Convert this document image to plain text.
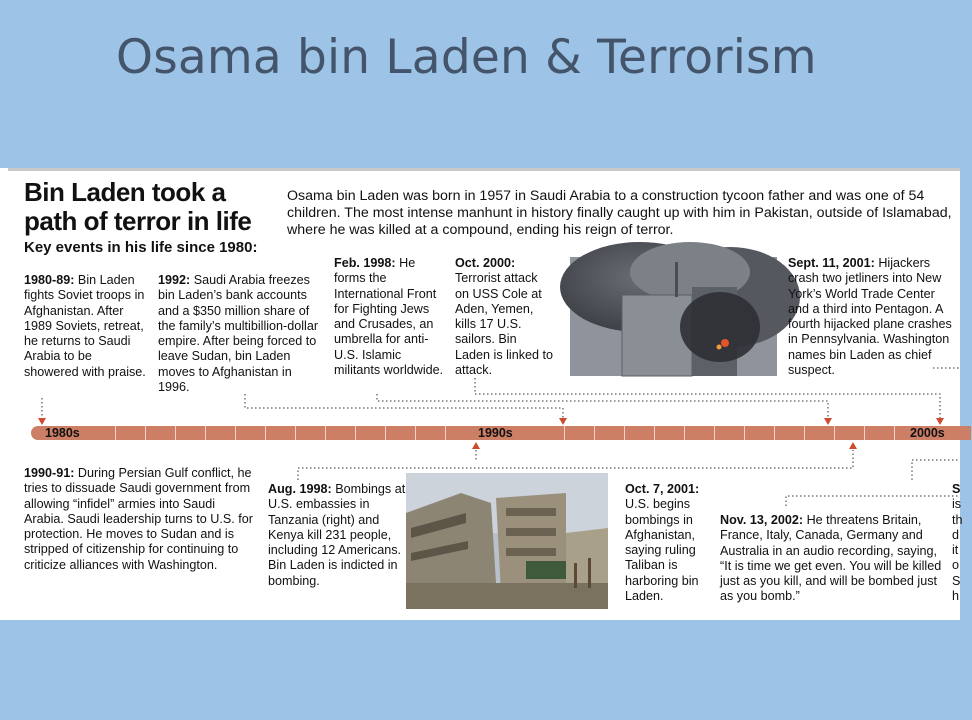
Osama bin Laden & Terrorism
Bin Laden took a path of terror in life
Key events in his life since 1980:
Osama bin Laden was born in 1957 in Saudi Arabia to a construction tycoon father and was one of 54 children. The most intense manhunt in history finally caught up with him in Pakistan, outside of Islamabad, where he was killed at a compound, ending his reign of terror.
1980-89: Bin Laden fights Soviet troops in Afghanistan. After 1989 Soviets, retreat, he returns to Saudi Arabia to be showered with praise.
1992: Saudi Arabia freezes bin Laden’s bank accounts and a $350 million share of the family’s multibillion-dollar empire. After being forced to leave Sudan, bin Laden moves to Afghanistan in 1996.
Feb. 1998: He forms the International Front for Fighting Jews and Crusades, an umbrella for anti-U.S. Islamic militants worldwide.
Oct. 2000: Terrorist attack on USS Cole at Aden, Yemen, kills 17 U.S. sailors. Bin Laden is linked to attack.
Sept. 11, 2001: Hijackers crash two jetliners into New York’s World Trade Center and a third into Pentagon. A fourth hijacked plane crashes in Pennsylvania. Washington names bin Laden as chief suspect.
1980s	1990s	2000s
1990-91: During Persian Gulf conflict, he tries to dissuade Saudi government from allowing “infidel” armies into Saudi Arabia. Saudi leadership turns to U.S. for protection. He moves to Sudan and is stripped of citizenship for continuing to criticize alliances with Washington.
Aug. 1998: Bombings at U.S. embassies in Tanzania (right) and Kenya kill 231 people, including 12 Americans. Bin Laden is indicted in bombing.
Oct. 7, 2001: U.S. begins bombings in Afghanistan, saying ruling Taliban is harboring bin Laden.
Nov. 13, 2002: He threatens Britain, France, Italy, Canada, Germany and Australia in an audio recording, saying, “It is time we get even. You will be killed just as you kill, and will be bombed just as you bomb.”
S
is
th
d
it
o
S
h
